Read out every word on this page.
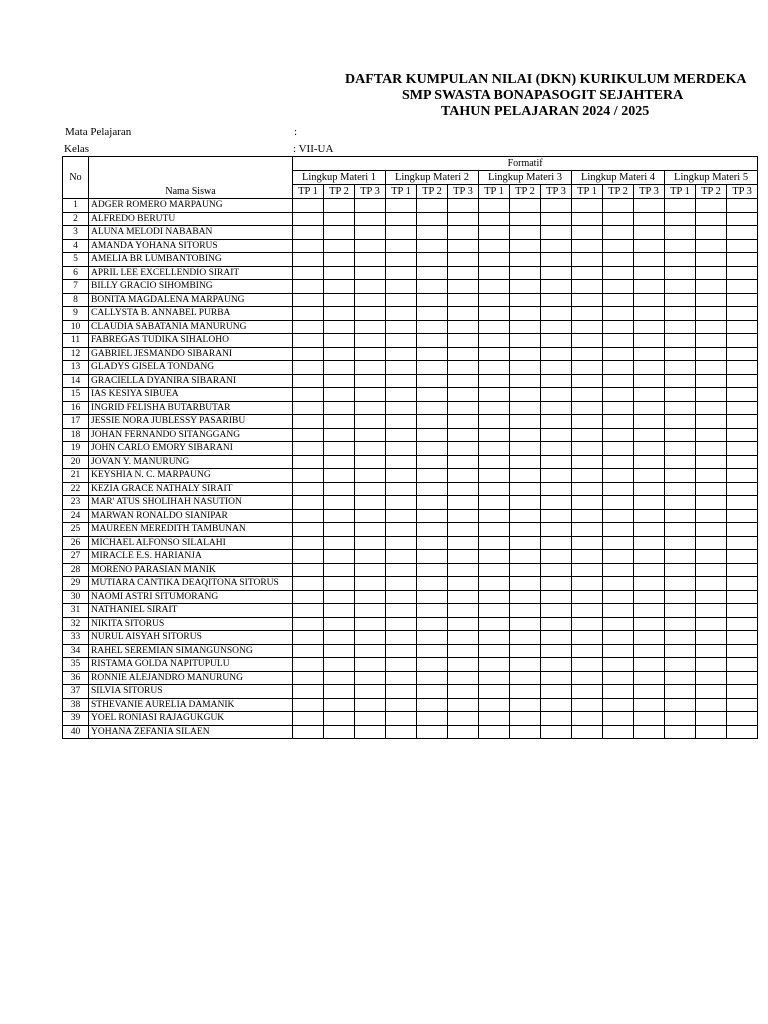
DAFTAR KUMPULAN NILAI (DKN) KURIKULUM MERDEKA
SMP SWASTA BONAPASOGIT SEJAHTERA
TAHUN PELAJARAN 2024 / 2025
Mata Pelajaran	:
Kelas	: VII-UA
No	Nama Siswa	Formatif														
		Lingkup Materi 1			Lingkup Materi 2			Lingkup Materi 3			Lingkup Materi 4			Lingkup Materi 5		
		TP 1	TP 2	TP 3	TP 1	TP 2	TP 3	TP 1	TP 2	TP 3	TP 1	TP 2	TP 3	TP 1	TP 2	TP 3
1	ADGER ROMERO MARPAUNG															
2	ALFREDO BERUTU															
3	ALUNA MELODI NABABAN															
4	AMANDA YOHANA SITORUS															
5	AMELIA BR LUMBANTOBING															
6	APRIL LEE EXCELLENDIO SIRAIT															
7	BILLY GRACIO SIHOMBING															
8	BONITA MAGDALENA MARPAUNG															
9	CALLYSTA B. ANNABEL PURBA															
10	CLAUDIA SABATANIA MANURUNG															
11	FABREGAS TUDIKA SIHALOHO															
12	GABRIEL JESMANDO SIBARANI															
13	GLADYS GISELA TONDANG															
14	GRACIELLA DYANIRA SIBARANI															
15	IAS KESIYA SIBUEA															
16	INGRID FELISHA BUTARBUTAR															
17	JESSIE NORA JUBLESSY PASARIBU															
18	JOHAN FERNANDO SITANGGANG															
19	JOHN CARLO EMORY SIBARANI															
20	JOVAN Y. MANURUNG															
21	KEYSHIA N. C. MARPAUNG															
22	KEZIA GRACE NATHALY SIRAIT															
23	MAR' ATUS SHOLIHAH NASUTION															
24	MARWAN RONALDO SIANIPAR															
25	MAUREEN MEREDITH TAMBUNAN															
26	MICHAEL ALFONSO SILALAHI															
27	MIRACLE E.S. HARIANJA															
28	MORENO PARASIAN MANIK															
29	MUTIARA CANTIKA DEAQITONA SITORUS															
30	NAOMI ASTRI SITUMORANG															
31	NATHANIEL SIRAIT															
32	NIKITA SITORUS															
33	NURUL AISYAH SITORUS															
34	RAHEL SEREMIAN SIMANGUNSONG															
35	RISTAMA GOLDA NAPITUPULU															
36	RONNIE ALEJANDRO MANURUNG															
37	SILVIA SITORUS															
38	STHEVANIE AURELIA DAMANIK															
39	YOEL RONIASI RAJAGUKGUK															
40	YOHANA ZEFANIA SILAEN															
